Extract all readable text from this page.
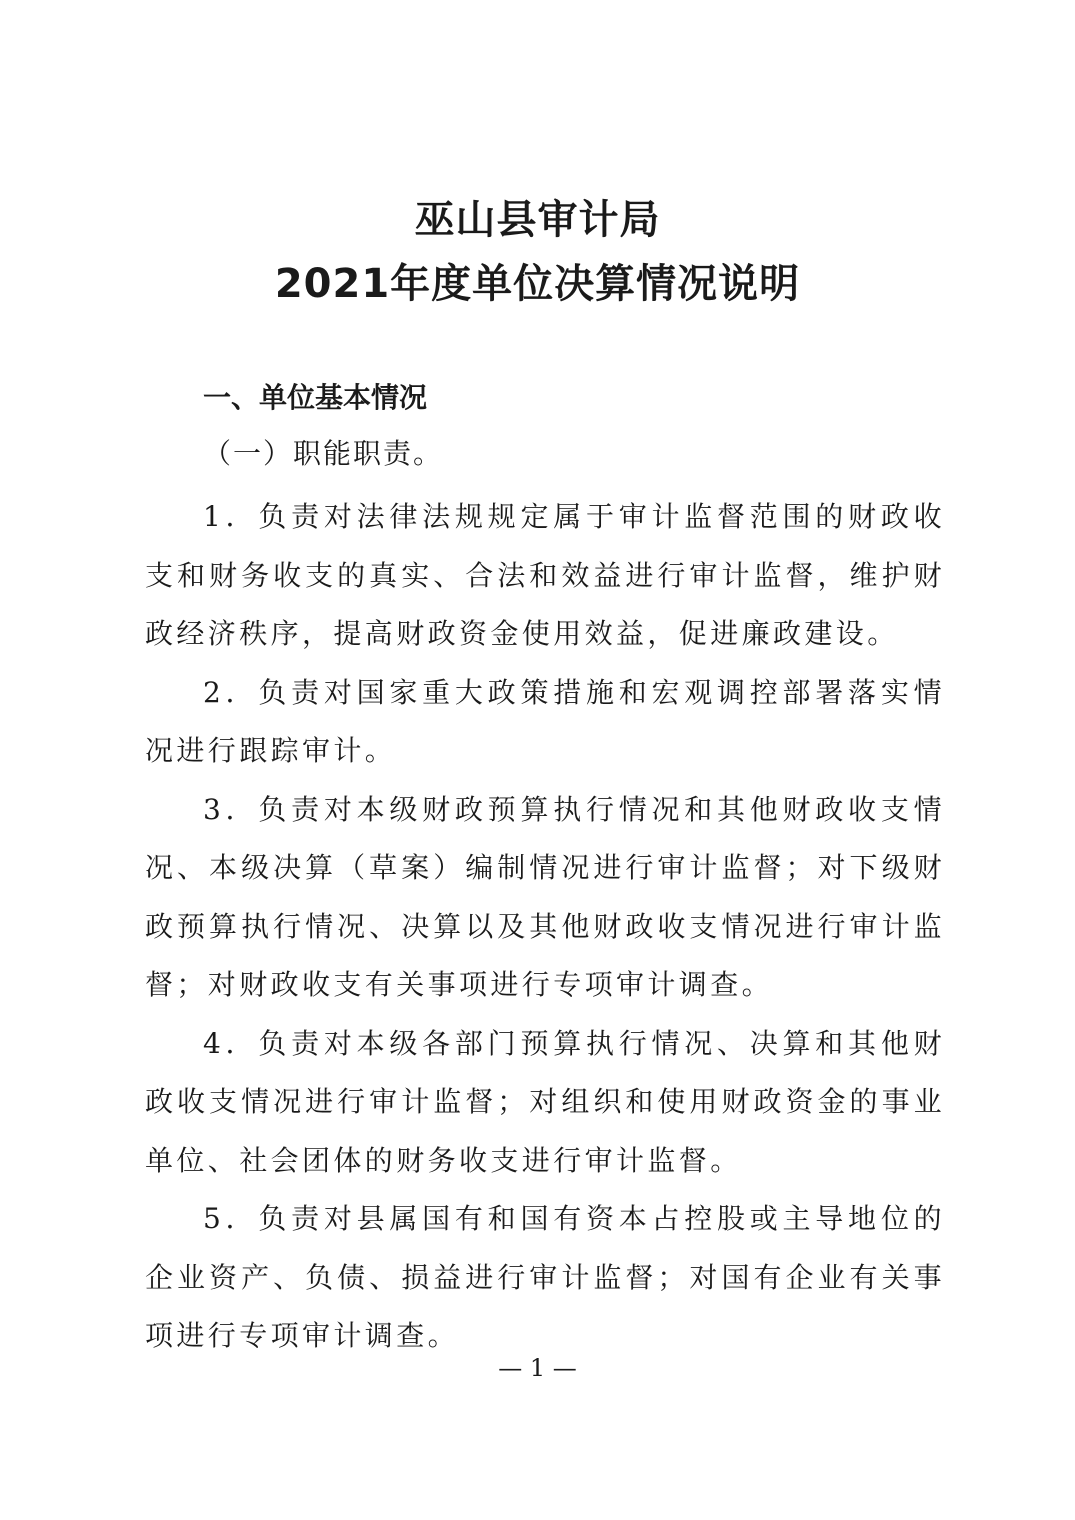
巫山县审计局
2021年度单位决算情况说明
一、单位基本情况
（一）职能职责。

1．负责对法律法规规定属于审计监督范围的财政收支和财务收支的真实、合法和效益进行审计监督，维护财政经济秩序，提高财政资金使用效益，促进廉政建设。

2．负责对国家重大政策措施和宏观调控部署落实情况进行跟踪审计。

3．负责对本级财政预算执行情况和其他财政收支情况、本级决算（草案）编制情况进行审计监督；对下级财政预算执行情况、决算以及其他财政收支情况进行审计监督；对财政收支有关事项进行专项审计调查。

4．负责对本级各部门预算执行情况、决算和其他财政收支情况进行审计监督；对组织和使用财政资金的事业单位、社会团体的财务收支进行审计监督。

5．负责对县属国有和国有资本占控股或主导地位的企业资产、负债、损益进行审计监督；对国有企业有关事项进行专项审计调查。

— 1 —
